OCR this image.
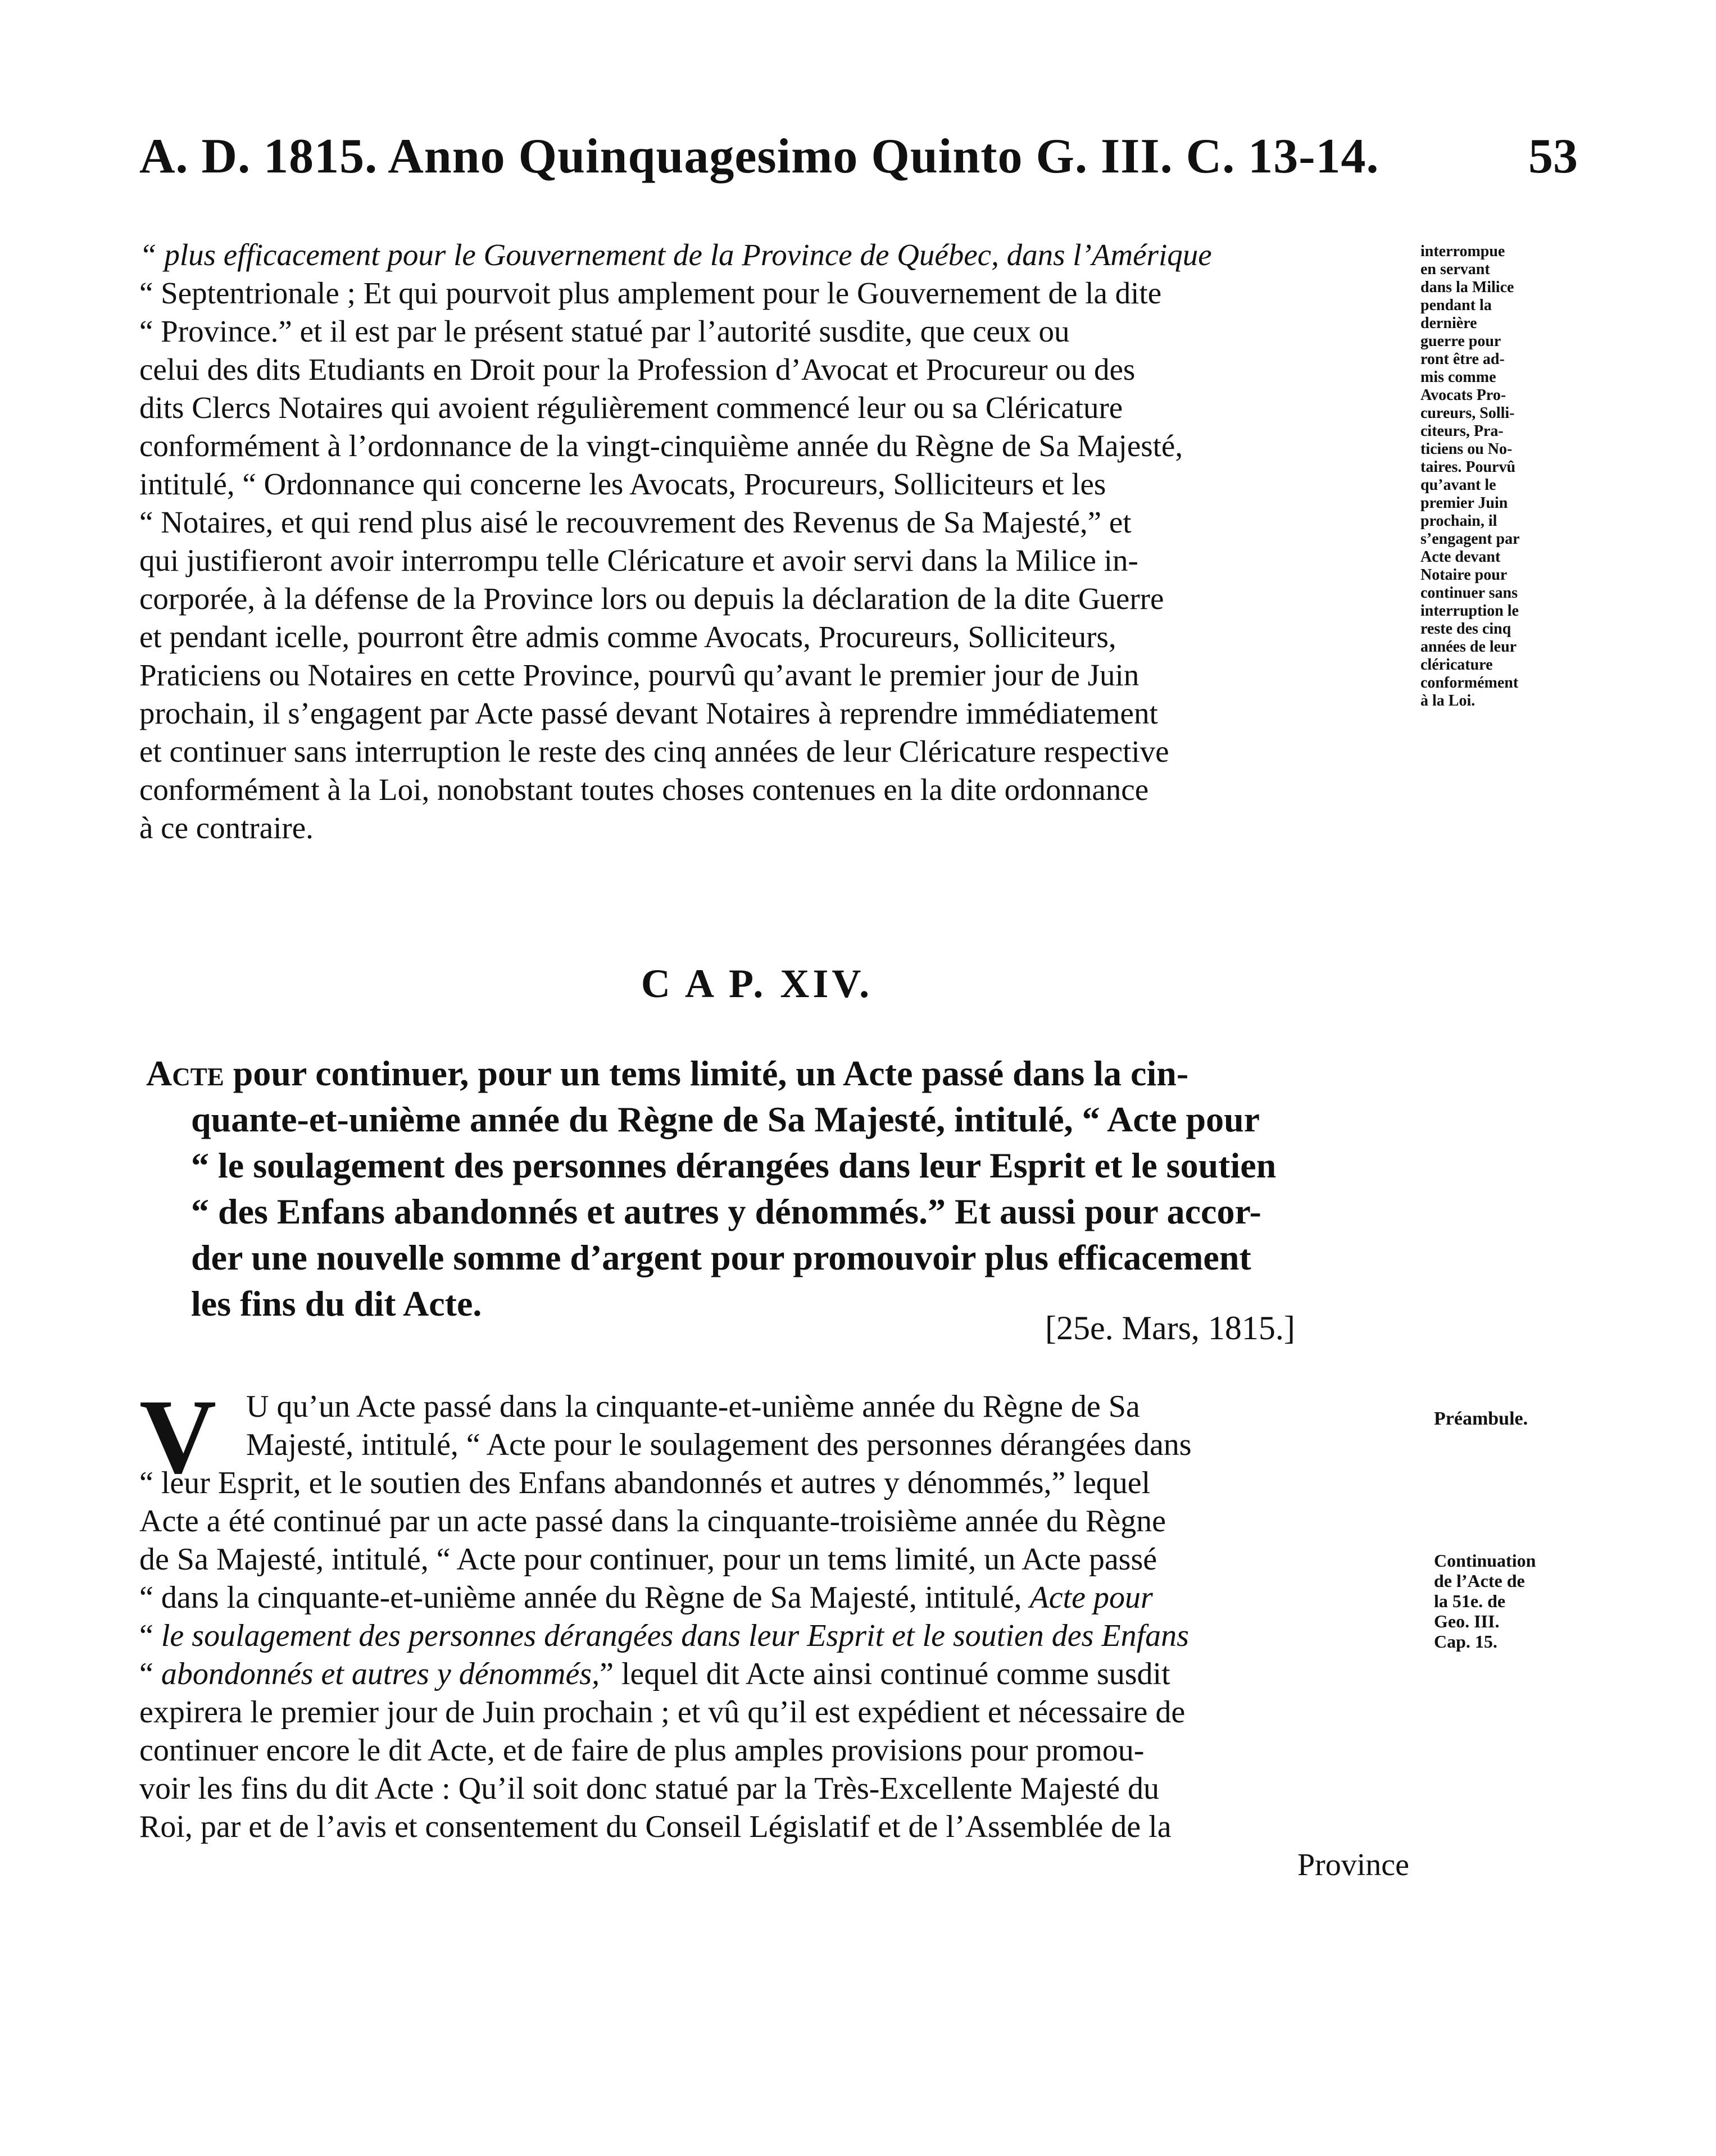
A. D. 1815. Anno Quinquagesimo Quinto G. III. C. 13-14.	53
“ plus efficacement pour le Gouvernement de la Province de Québec, dans l’Amérique
“ Septentrionale ; Et qui pourvoit plus amplement pour le Gouvernement de la dite
“ Province.” et il est par le présent statué par l’autorité susdite, que ceux ou
celui des dits Etudiants en Droit pour la Profession d’Avocat et Procureur ou des
dits Clercs Notaires qui avoient régulièrement commencé leur ou sa Cléricature
conformément à l’ordonnance de la vingt-cinquième année du Règne de Sa Majesté,
intitulé, “ Ordonnance qui concerne les Avocats, Procureurs, Solliciteurs et les
“ Notaires, et qui rend plus aisé le recouvrement des Revenus de Sa Majesté,” et
qui justifieront avoir interrompu telle Cléricature et avoir servi dans la Milice in-
corporée, à la défense de la Province lors ou depuis la déclaration de la dite Guerre
et pendant icelle, pourront être admis comme Avocats, Procureurs, Solliciteurs,
Praticiens ou Notaires en cette Province, pourvû qu’avant le premier jour de Juin
prochain, il s’engagent par Acte passé devant Notaires à reprendre immédiatement
et continuer sans interruption le reste des cinq années de leur Cléricature respective
conformément à la Loi, nonobstant toutes choses contenues en la dite ordonnance
à ce contraire.
interrompue
en servant
dans la Milice
pendant la
dernière
guerre pour
ront être ad-
mis comme
Avocats Pro-
cureurs, Solli-
citeurs, Pra-
ticiens ou No-
taires. Pourvû
qu’avant le
premier Juin
prochain, il
s’engagent par
Acte devant
Notaire pour
continuer sans
interruption le
reste des cinq
années de leur
cléricature
conformément
à la Loi.
C A P. XIV.
Acte pour continuer, pour un tems limité, un Acte passé dans la cin-
quante-et-unième année du Règne de Sa Majesté, intitulé, “ Acte pour
“ le soulagement des personnes dérangées dans leur Esprit et le soutien
“ des Enfans abandonnés et autres y dénommés.” Et aussi pour accor-
der une nouvelle somme d’argent pour promouvoir plus efficacement
les fins du dit Acte.
[25e. Mars, 1815.]
V U qu’un Acte passé dans la cinquante-et-unième année du Règne de Sa
Majesté, intitulé, “ Acte pour le soulagement des personnes dérangées dans
“ leur Esprit, et le soutien des Enfans abandonnés et autres y dénommés,” lequel
Acte a été continué par un acte passé dans la cinquante-troisième année du Règne
de Sa Majesté, intitulé, “ Acte pour continuer, pour un tems limité, un Acte passé
“ dans la cinquante-et-unième année du Règne de Sa Majesté, intitulé, Acte pour
“ le soulagement des personnes dérangées dans leur Esprit et le soutien des Enfans
“ abondonnés et autres y dénommés,” lequel dit Acte ainsi continué comme susdit
expirera le premier jour de Juin prochain ; et vû qu’il est expédient et nécessaire de
continuer encore le dit Acte, et de faire de plus amples provisions pour promou-
voir les fins du dit Acte : Qu’il soit donc statué par la Très-Excellente Majesté du
Roi, par et de l’avis et consentement du Conseil Législatif et de l’Assemblée de la
Province
Préambule.
Continuation
de l’Acte de
la 51e. de
Geo. III.
Cap. 15.
